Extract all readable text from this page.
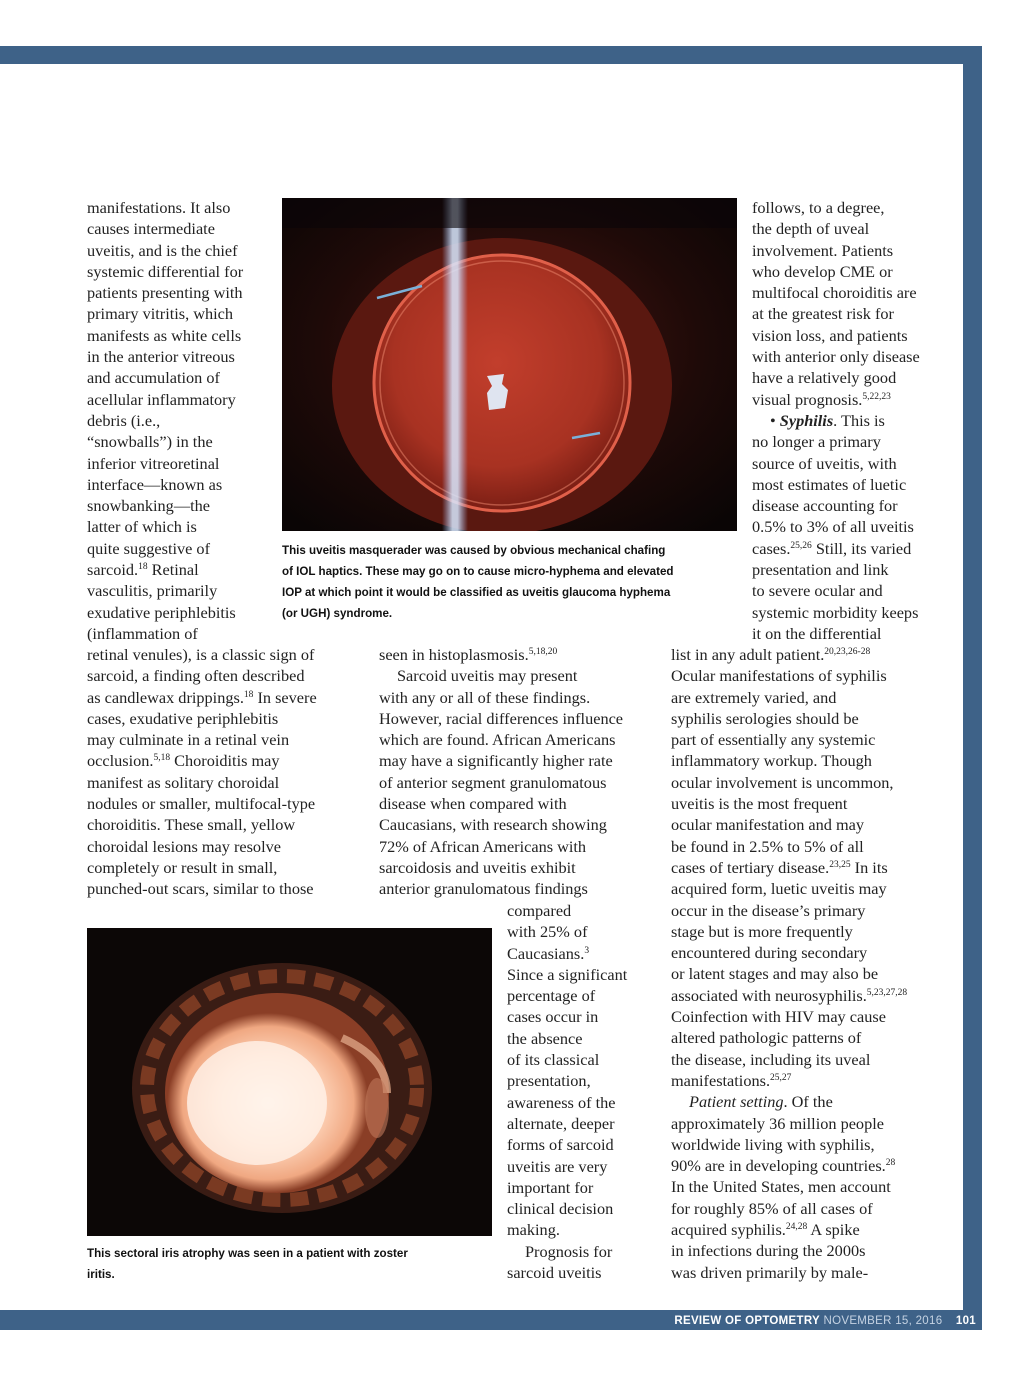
REVIEW OF OPTOMETRY NOVEMBER 15, 2016 101
This uveitis masquerader was caused by obvious mechanical chafing
of IOL haptics. These may go on to cause micro-hyphema and elevated
IOP at which point it would be classified as uveitis glaucoma hyphema
(or UGH) syndrome.
This sectoral iris atrophy was seen in a patient with zoster
iritis.
manifestations. It also
causes intermediate
uveitis, and is the chief
systemic differential for
patients presenting with
primary vitritis, which
manifests as white cells
in the anterior vitreous
and accumulation of
acellular inflammatory
debris (i.e.,
“snowballs”) in the
inferior vitreoretinal
interface—known as
snowbanking—the
latter of which is
quite suggestive of
sarcoid.$^{18}$ Retinal
vasculitis, primarily
exudative periphlebitis
(inflammation of
retinal venules), is a classic sign of
sarcoid, a finding often described
as candlewax drippings.$^{18}$ In severe
cases, exudative periphlebitis
may culminate in a retinal vein
occlusion.$^{5,18}$ Choroiditis may
manifest as solitary choroidal
nodules or smaller, multifocal-type
choroiditis. These small, yellow
choroidal lesions may resolve
completely or result in small,
punched-out scars, similar to those
seen in histoplasmosis.$^{5,18,20}$
Sarcoid uveitis may present
with any or all of these findings.
However, racial differences influence
which are found. African Americans
may have a significantly higher rate
of anterior segment granulomatous
disease when compared with
Caucasians, with research showing
72% of African Americans with
sarcoidosis and uveitis exhibit
anterior granulomatous findings
compared
with 25% of
Caucasians.$^3$
Since a significant
percentage of
cases occur in
the absence
of its classical
presentation,
awareness of the
alternate, deeper
forms of sarcoid
uveitis are very
important for
clinical decision
making.
Prognosis for
sarcoid uveitis
follows, to a degree,
the depth of uveal
involvement. Patients
who develop CME or
multifocal choroiditis are
at the greatest risk for
vision loss, and patients
with anterior only disease
have a relatively good
visual prognosis.$^{5,22,23}$
• Syphilis. This is
no longer a primary
source of uveitis, with
most estimates of luetic
disease accounting for
0.5% to 3% of all uveitis
cases.$^{25,26}$ Still, its varied
presentation and link
to severe ocular and
systemic morbidity keeps
it on the differential
list in any adult patient.$^{20,23,26-28}$
Ocular manifestations of syphilis
are extremely varied, and
syphilis serologies should be
part of essentially any systemic
inflammatory workup. Though
ocular involvement is uncommon,
uveitis is the most frequent
ocular manifestation and may
be found in 2.5% to 5% of all
cases of tertiary disease.$^{23,25}$ In its
acquired form, luetic uveitis may
occur in the disease’s primary
stage but is more frequently
encountered during secondary
or latent stages and may also be
associated with neurosyphilis.$^{5,23,27,28}$
Coinfection with HIV may cause
altered pathologic patterns of
the disease, including its uveal
manifestations.$^{25,27}$
Patient setting. Of the
approximately 36 million people
worldwide living with syphilis,
90% are in developing countries.$^{28}$
In the United States, men account
for roughly 85% of all cases of
acquired syphilis.$^{24,28}$ A spike
in infections during the 2000s
was driven primarily by male-
